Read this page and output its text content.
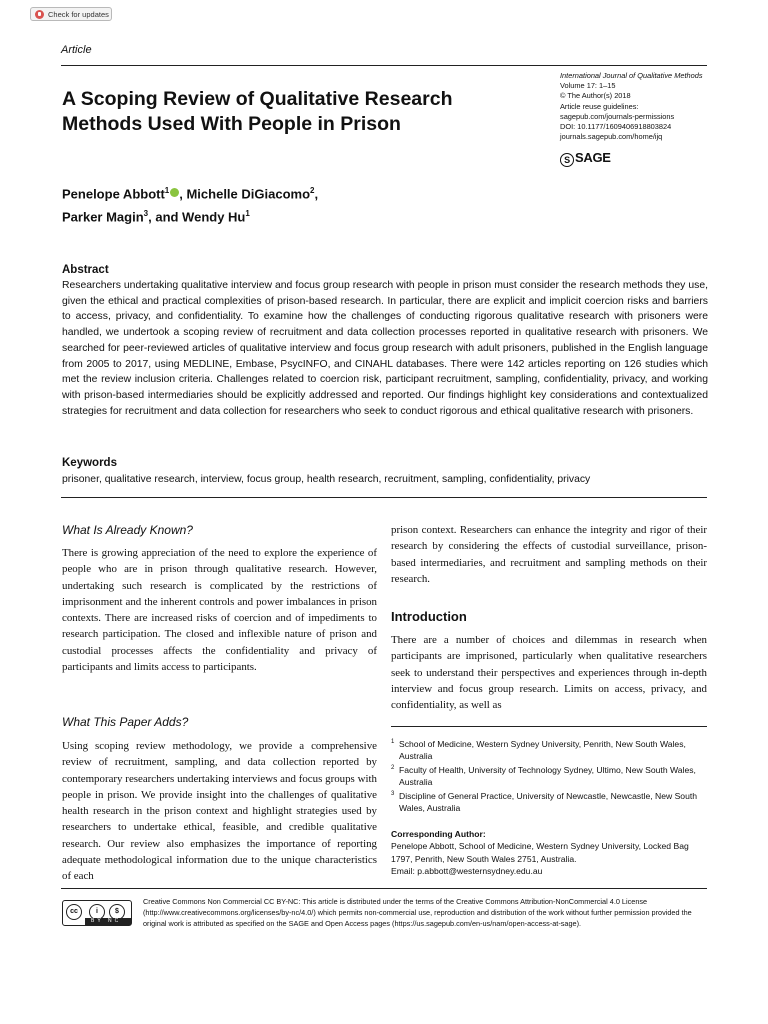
Check for updates
Article
A Scoping Review of Qualitative Research Methods Used With People in Prison
International Journal of Qualitative Methods
Volume 17: 1–15
© The Author(s) 2018
Article reuse guidelines:
sagepub.com/journals-permissions
DOI: 10.1177/1609406918803824
journals.sagepub.com/home/ijq
S SAGE
Penelope Abbott$^1$ , Michelle DiGiacomo$^2$,
Parker Magin$^3$, and Wendy Hu$^1$
Abstract
Researchers undertaking qualitative interview and focus group research with people in prison must consider the research methods they use, given the ethical and practical complexities of prison-based research. In particular, there are explicit and implicit coercion risks and barriers to access, privacy, and confidentiality. To examine how the challenges of conducting rigorous qualitative research with prisoners were handled, we undertook a scoping review of recruitment and data collection processes reported in qualitative research with prisoners. We searched for peer-reviewed articles of qualitative interview and focus group research with adult prisoners, published in the English language from 2005 to 2017, using MEDLINE, Embase, PsycINFO, and CINAHL databases. There were 142 articles reporting on 126 studies which met the review inclusion criteria. Challenges related to coercion risk, participant recruitment, sampling, confidentiality, privacy, and working with prison-based intermediaries should be explicitly addressed and reported. Our findings highlight key considerations and contextualized strategies for recruitment and data collection for researchers who seek to conduct rigorous and ethical qualitative research with prisoners.
Keywords
prisoner, qualitative research, interview, focus group, health research, recruitment, sampling, confidentiality, privacy
What Is Already Known?
There is growing appreciation of the need to explore the experience of people who are in prison through qualitative research. However, undertaking such research is complicated by the restrictions of imprisonment and the inherent controls and power imbalances in prison contexts. There are increased risks of coercion and of impediments to research participation. The closed and inflexible nature of prison and custodial processes affects the confidentiality and privacy of participants and limits access to participants.
What This Paper Adds?
Using scoping review methodology, we provide a comprehensive review of recruitment, sampling, and data collection reported by contemporary researchers undertaking interviews and focus groups with people in prison. We provide insight into the challenges of qualitative health research in the prison context and highlight strategies used by researchers to undertake ethical, feasible, and credible qualitative research. Our review also emphasizes the importance of reporting adequate methodological information due to the unique characteristics of each
prison context. Researchers can enhance the integrity and rigor of their research by considering the effects of custodial surveillance, prison-based intermediaries, and recruitment and sampling methods on their research.
Introduction
There are a number of choices and dilemmas in research when participants are imprisoned, particularly when qualitative researchers seek to understand their perspectives and experiences through in-depth interview and focus group research. Limits on access, privacy, and confidentiality, as well as
1 School of Medicine, Western Sydney University, Penrith, New South Wales, Australia
2 Faculty of Health, University of Technology Sydney, Ultimo, New South Wales, Australia
3 Discipline of General Practice, University of Newcastle, Newcastle, New South Wales, Australia
Corresponding Author:
Penelope Abbott, School of Medicine, Western Sydney University, Locked Bag 1797, Penrith, New South Wales 2751, Australia.
Email: p.abbott@westernsydney.edu.au
cc	i	$
BY NC
Creative Commons Non Commercial CC BY-NC: This article is distributed under the terms of the Creative Commons Attribution-NonCommercial 4.0 License (http://www.creativecommons.org/licenses/by-nc/4.0/) which permits non-commercial use, reproduction and distribution of the work without further permission provided the original work is attributed as specified on the SAGE and Open Access pages (https://us.sagepub.com/en-us/nam/open-access-at-sage).
